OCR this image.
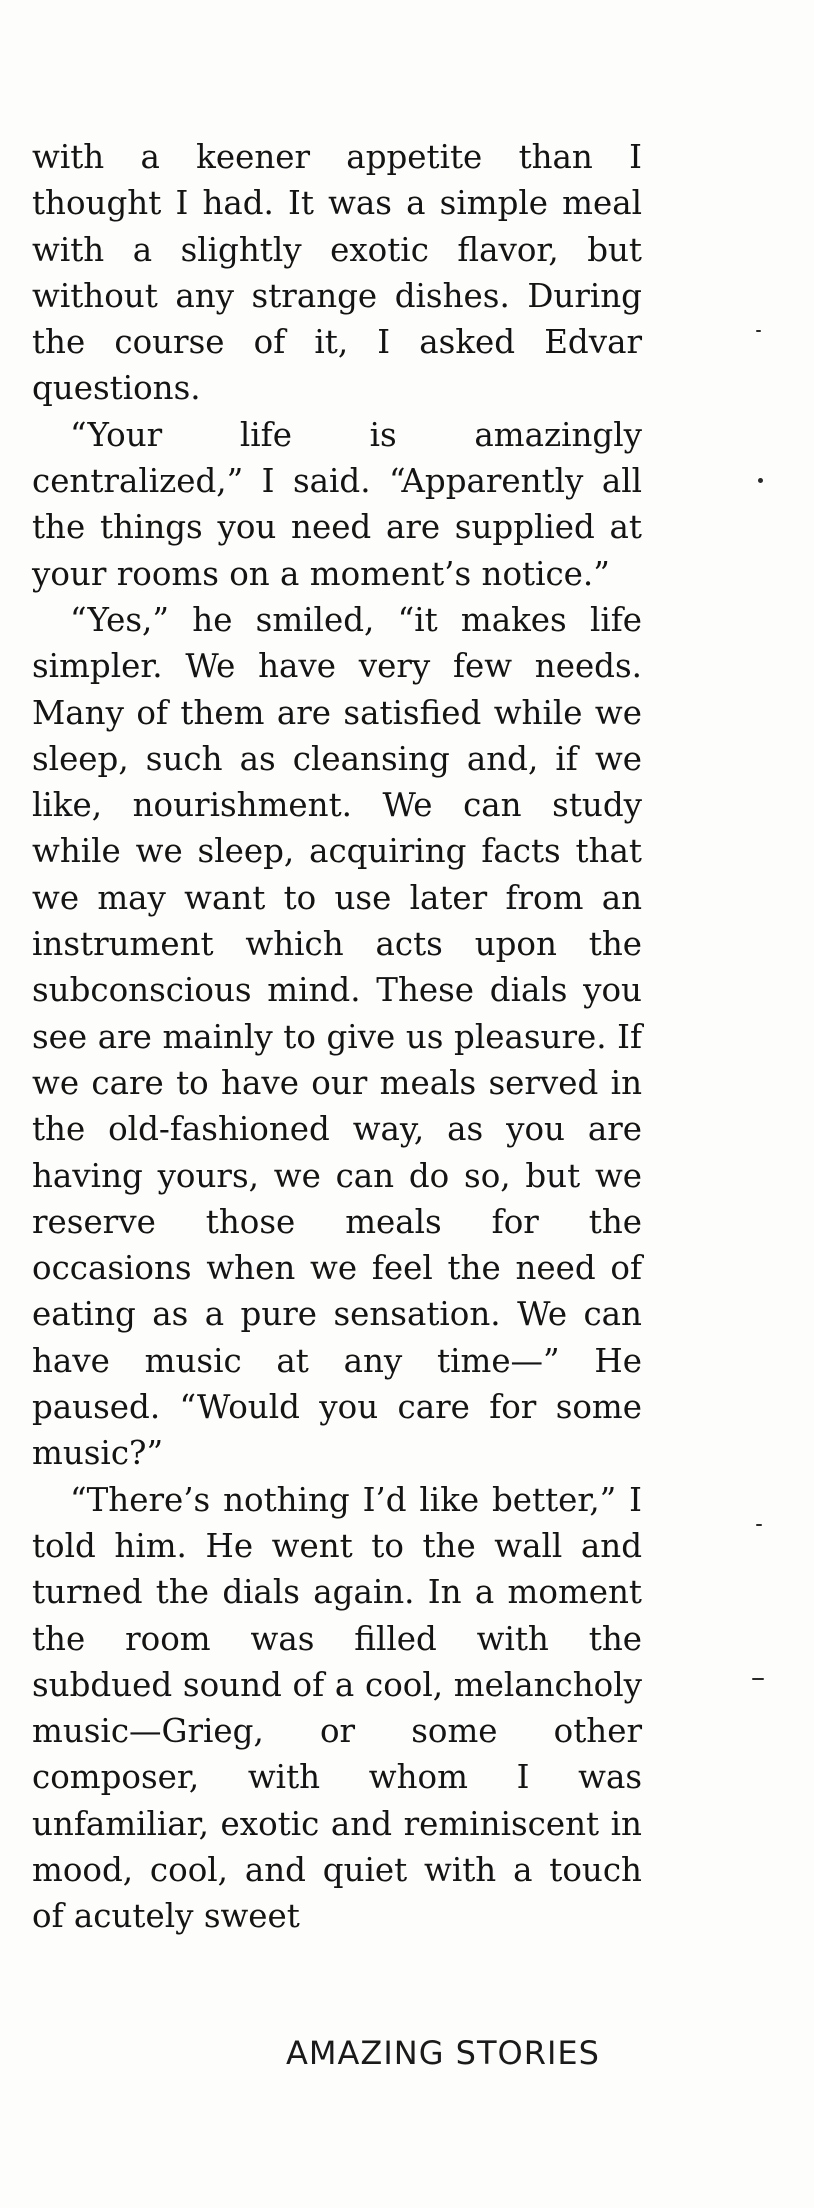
with a keener appetite than I thought I had. It was a simple meal with a slightly exotic flavor, but without any strange dishes. During the course of it, I asked Edvar questions.

“Your life is amazingly centralized,” I said. “Apparently all the things you need are supplied at your rooms on a moment’s notice.”

“Yes,” he smiled, “it makes life simpler. We have very few needs. Many of them are satisfied while we sleep, such as cleansing and, if we like, nourishment. We can study while we sleep, acquiring facts that we may want to use later from an instrument which acts upon the subconscious mind. These dials you see are mainly to give us pleasure. If we care to have our meals served in the old-fashioned way, as you are having yours, we can do so, but we reserve those meals for the occasions when we feel the need of eating as a pure sensation. We can have music at any time—” He paused. “Would you care for some music?”

“There’s nothing I’d like better,” I told him. He went to the wall and turned the dials again. In a moment the room was filled with the subdued sound of a cool, melancholy music—Grieg, or some other composer, with whom I was unfamiliar, exotic and reminiscent in mood, cool, and quiet with a touch of acutely sweet

AMAZING STORIES
